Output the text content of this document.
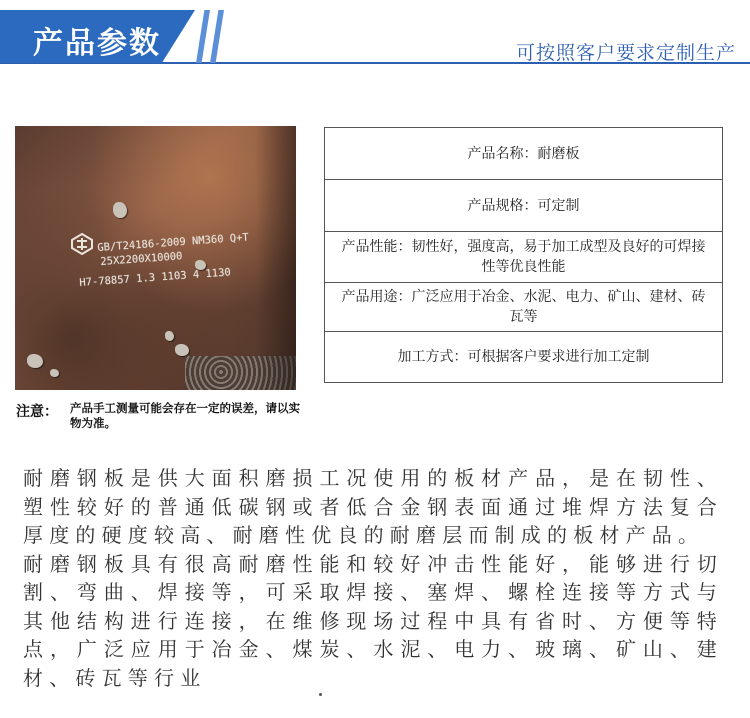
产品参数	可按照客户要求定制生产
GB/T24186-2009 NM360 Q+T
25X2200X10000
H7-78857 1.3 1103 4 1130
产品名称：耐磨板
产品规格：可定制
产品性能：韧性好，强度高，易于加工成型及良好的可焊接性等优良性能
产品用途：广泛应用于冶金、水泥、电力、矿山、建材、砖瓦等
加工方式：可根据客户要求进行加工定制
注意： 产品手工测量可能会存在一定的误差，请以实物为准。

耐磨钢板是供大面积磨损工况使用的板材产品，是在韧性、塑性较好的普通低碳钢或者低合金钢表面通过堆焊方法复合厚度的硬度较高、耐磨性优良的耐磨层而制成的板材产品。

耐磨钢板具有很高耐磨性能和较好冲击性能好，能够进行切割、弯曲、焊接等，可采取焊接、塞焊、螺栓连接等方式与其他结构进行连接，在维修现场过程中具有省时、方便等特点，广泛应用于冶金、煤炭、水泥、电力、玻璃、矿山、建材、砖瓦等行业
